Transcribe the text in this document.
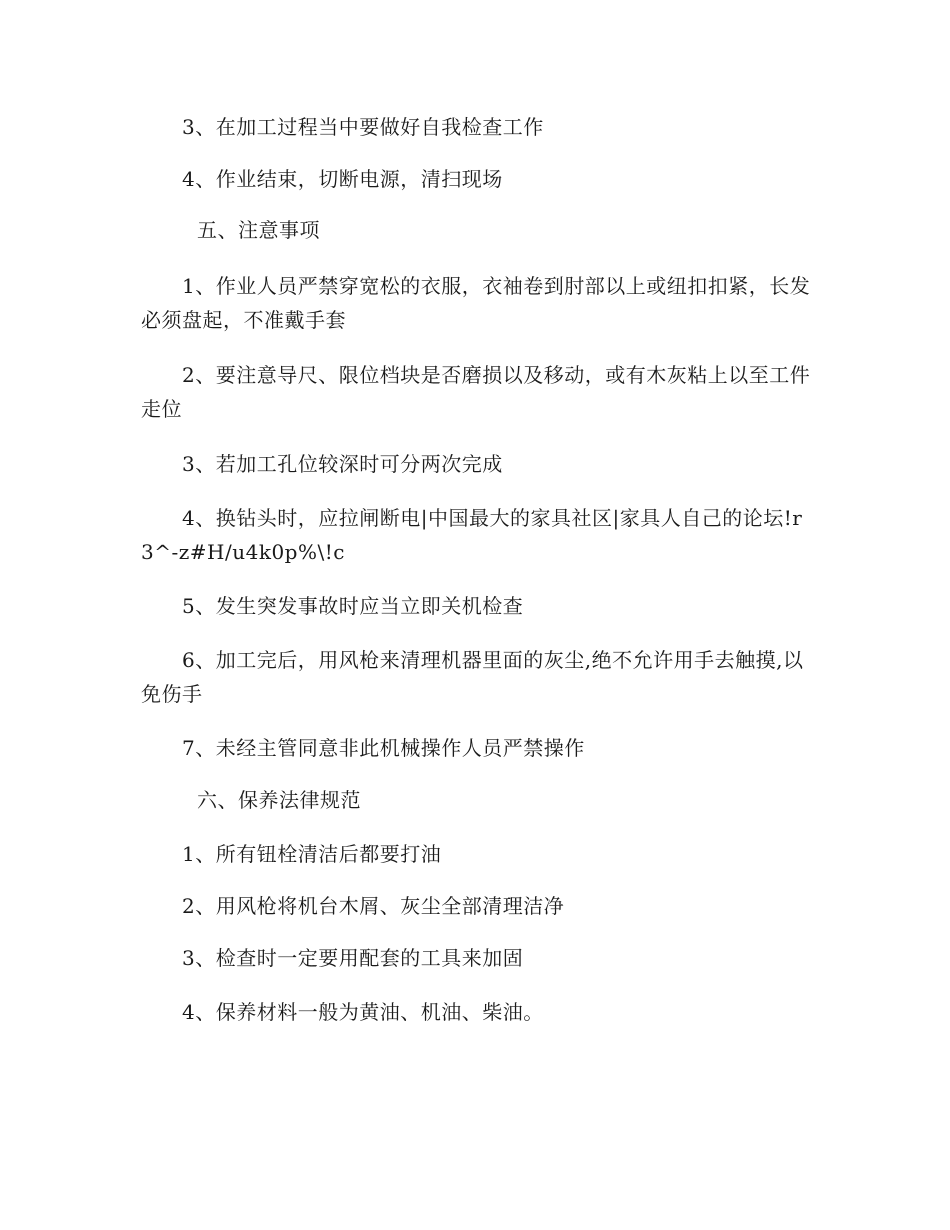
3、在加工过程当中要做好自我检查工作

4、作业结束，切断电源，清扫现场

五、注意事项

1、作业人员严禁穿宽松的衣服，衣袖卷到肘部以上或纽扣扣紧，长发必须盘起，不准戴手套

2、要注意导尺、限位档块是否磨损以及移动，或有木灰粘上以至工件走位

3、若加工孔位较深时可分两次完成

4、换钻头时，应拉闸断电|中国最大的家具社区|家具人自己的论坛!r3^-z#H/u4k0p%\!c

5、发生突发事故时应当立即关机检查

6、加工完后，用风枪来清理机器里面的灰尘,绝不允许用手去触摸,以免伤手

7、未经主管同意非此机械操作人员严禁操作

六、保养法律规范

1、所有钮栓清洁后都要打油

2、用风枪将机台木屑、灰尘全部清理洁净

3、检查时一定要用配套的工具来加固

4、保养材料一般为黄油、机油、柴油。
